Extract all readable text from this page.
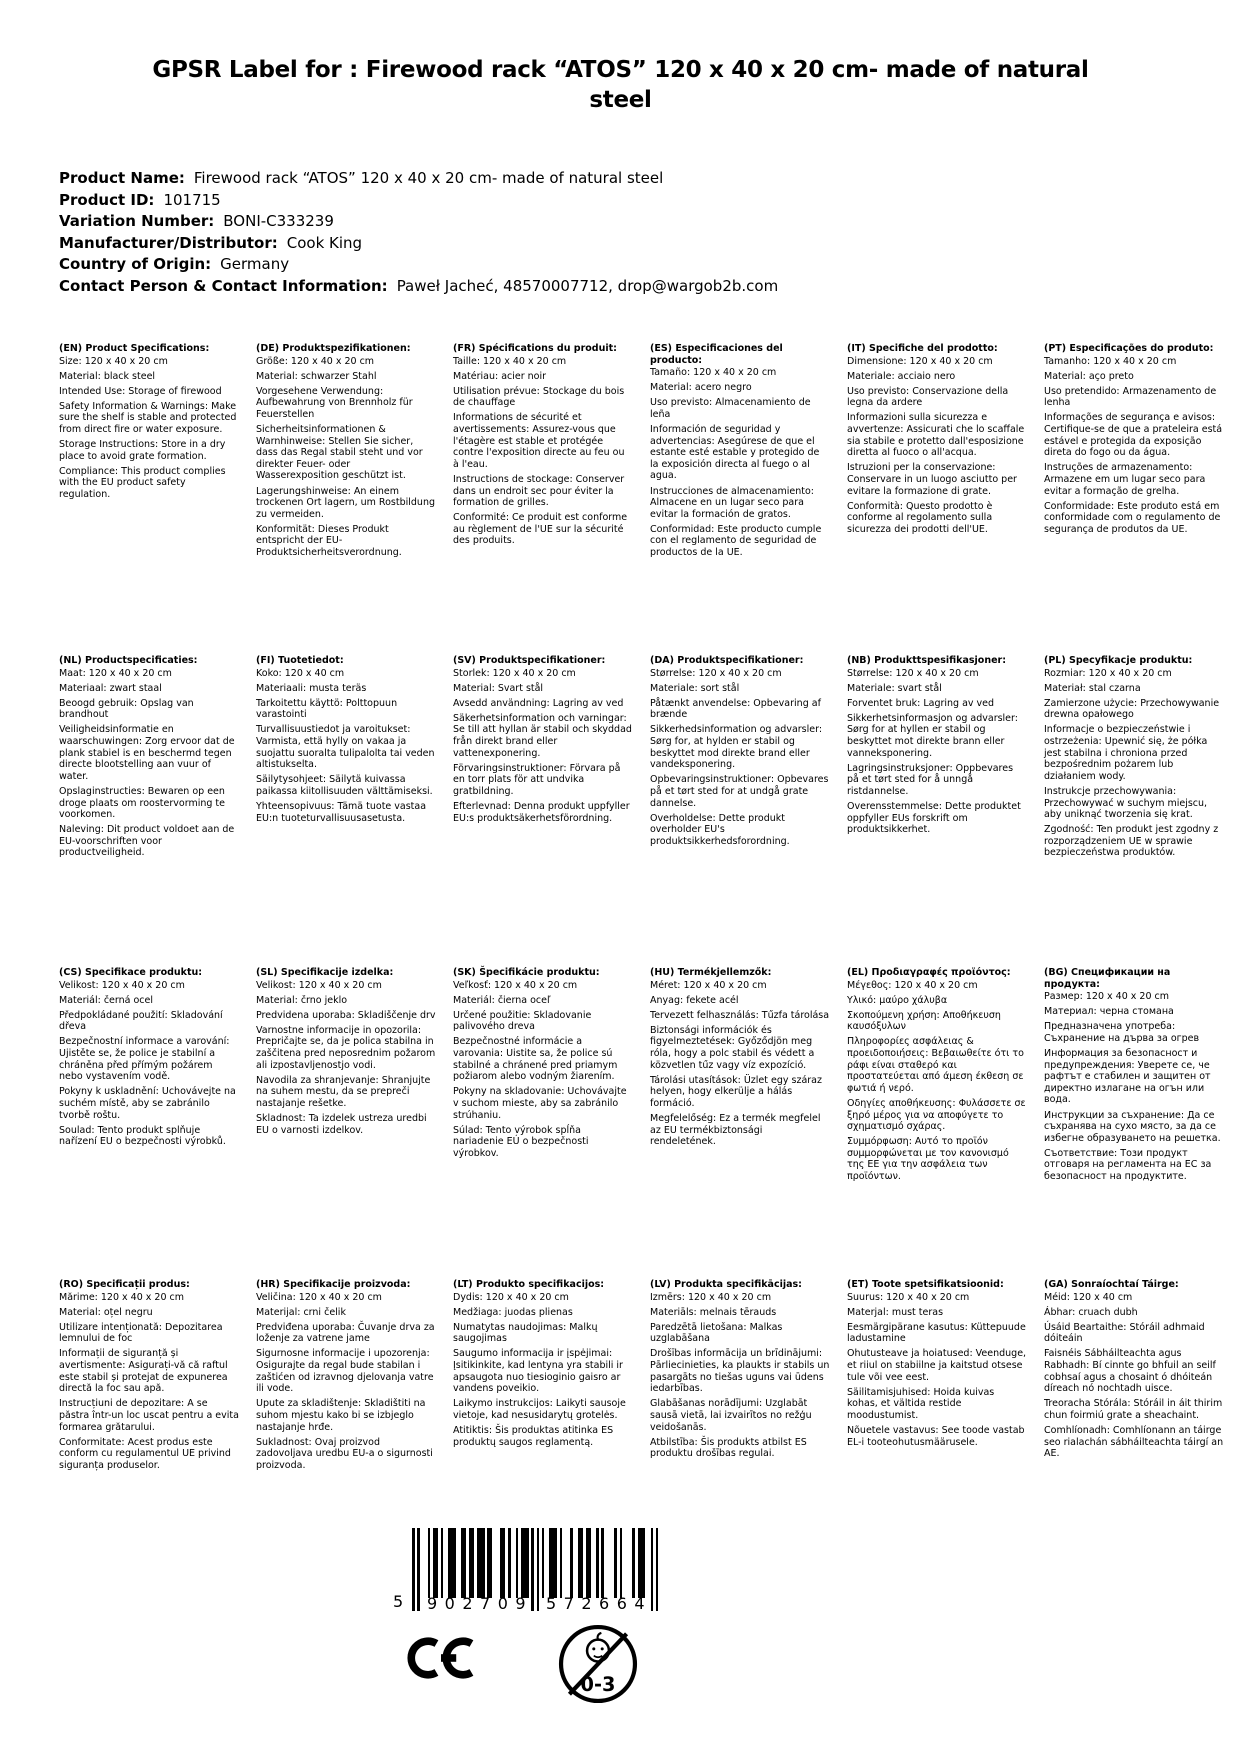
GPSR Label for : Firewood rack “ATOS” 120 x 40 x 20 cm- made of natural steel
Product Name: Firewood rack “ATOS” 120 x 40 x 20 cm- made of natural steel
Product ID: 101715
Variation Number: BONI-C333239
Manufacturer/Distributor: Cook King
Country of Origin: Germany
Contact Person & Contact Information: Paweł Jacheć, 48570007712, drop@wargob2b.com
(EN) Product Specifications:
Size: 120 x 40 x 20 cm
Material: black steel
Intended Use: Storage of firewood
Safety Information & Warnings: Make sure the shelf is stable and protected from direct fire or water exposure.
Storage Instructions: Store in a dry place to avoid grate formation.
Compliance: This product complies with the EU product safety regulation.
(DE) Produktspezifikationen:
Größe: 120 x 40 x 20 cm
Material: schwarzer Stahl
Vorgesehene Verwendung: Aufbewahrung von Brennholz für Feuerstellen
Sicherheitsinformationen & Warnhinweise: Stellen Sie sicher, dass das Regal stabil steht und vor direkter Feuer- oder Wasserexposition geschützt ist.
Lagerungshinweise: An einem trockenen Ort lagern, um Rostbildung zu vermeiden.
Konformität: Dieses Produkt entspricht der EU-Produktsicherheitsverordnung.
(FR) Spécifications du produit:
Taille: 120 x 40 x 20 cm
Matériau: acier noir
Utilisation prévue: Stockage du bois de chauffage
Informations de sécurité et avertissements: Assurez-vous que l'étagère est stable et protégée contre l'exposition directe au feu ou à l'eau.
Instructions de stockage: Conserver dans un endroit sec pour éviter la formation de grilles.
Conformité: Ce produit est conforme au règlement de l'UE sur la sécurité des produits.
(ES) Especificaciones del producto:
Tamaño: 120 x 40 x 20 cm
Material: acero negro
Uso previsto: Almacenamiento de leña
Información de seguridad y advertencias: Asegúrese de que el estante esté estable y protegido de la exposición directa al fuego o al agua.
Instrucciones de almacenamiento: Almacene en un lugar seco para evitar la formación de gratos.
Conformidad: Este producto cumple con el reglamento de seguridad de productos de la UE.
(IT) Specifiche del prodotto:
Dimensione: 120 x 40 x 20 cm
Materiale: acciaio nero
Uso previsto: Conservazione della legna da ardere
Informazioni sulla sicurezza e avvertenze: Assicurati che lo scaffale sia stabile e protetto dall'esposizione diretta al fuoco o all'acqua.
Istruzioni per la conservazione: Conservare in un luogo asciutto per evitare la formazione di grate.
Conformità: Questo prodotto è conforme al regolamento sulla sicurezza dei prodotti dell'UE.
(PT) Especificações do produto:
Tamanho: 120 x 40 x 20 cm
Material: aço preto
Uso pretendido: Armazenamento de lenha
Informações de segurança e avisos: Certifique-se de que a prateleira está estável e protegida da exposição direta do fogo ou da água.
Instruções de armazenamento: Armazene em um lugar seco para evitar a formação de grelha.
Conformidade: Este produto está em conformidade com o regulamento de segurança de produtos da UE.
(NL) Productspecificaties:
Maat: 120 x 40 x 20 cm
Materiaal: zwart staal
Beoogd gebruik: Opslag van brandhout
Veiligheidsinformatie en waarschuwingen: Zorg ervoor dat de plank stabiel is en beschermd tegen directe blootstelling aan vuur of water.
Opslaginstructies: Bewaren op een droge plaats om roostervorming te voorkomen.
Naleving: Dit product voldoet aan de EU-voorschriften voor productveiligheid.
(FI) Tuotetiedot:
Koko: 120 x 40 cm
Materiaali: musta teräs
Tarkoitettu käyttö: Polttopuun varastointi
Turvallisuustiedot ja varoitukset: Varmista, että hylly on vakaa ja suojattu suoralta tulipalolta tai veden altistukselta.
Säilytysohjeet: Säilytä kuivassa paikassa kiitollisuuden välttämiseksi.
Yhteensopivuus: Tämä tuote vastaa EU:n tuoteturvallisuusasetusta.
(SV) Produktspecifikationer:
Storlek: 120 x 40 x 20 cm
Material: Svart stål
Avsedd användning: Lagring av ved
Säkerhetsinformation och varningar: Se till att hyllan är stabil och skyddad från direkt brand eller vattenexponering.
Förvaringsinstruktioner: Förvara på en torr plats för att undvika gratbildning.
Efterlevnad: Denna produkt uppfyller EU:s produktsäkerhetsförordning.
(DA) Produktspecifikationer:
Størrelse: 120 x 40 x 20 cm
Materiale: sort stål
Påtænkt anvendelse: Opbevaring af brænde
Sikkerhedsinformation og advarsler: Sørg for, at hylden er stabil og beskyttet mod direkte brand eller vandeksponering.
Opbevaringsinstruktioner: Opbevares på et tørt sted for at undgå grate dannelse.
Overholdelse: Dette produkt overholder EU's produktsikkerhedsforordning.
(NB) Produkttspesifikasjoner:
Størrelse: 120 x 40 x 20 cm
Materiale: svart stål
Forventet bruk: Lagring av ved
Sikkerhetsinformasjon og advarsler: Sørg for at hyllen er stabil og beskyttet mot direkte brann eller vanneksponering.
Lagringsinstruksjoner: Oppbevares på et tørt sted for å unngå ristdannelse.
Overensstemmelse: Dette produktet oppfyller EUs forskrift om produktsikkerhet.
(PL) Specyfikacje produktu:
Rozmiar: 120 x 40 x 20 cm
Materiał: stal czarna
Zamierzone użycie: Przechowywanie drewna opałowego
Informacje o bezpieczeństwie i ostrzeżenia: Upewnić się, że półka jest stabilna i chroniona przed bezpośrednim pożarem lub działaniem wody.
Instrukcje przechowywania: Przechowywać w suchym miejscu, aby uniknąć tworzenia się krat.
Zgodność: Ten produkt jest zgodny z rozporządzeniem UE w sprawie bezpieczeństwa produktów.
(CS) Specifikace produktu:
Velikost: 120 x 40 x 20 cm
Materiál: černá ocel
Předpokládané použití: Skladování dřeva
Bezpečnostní informace a varování: Ujistěte se, že police je stabilní a chráněna před přímým požárem nebo vystavením vodě.
Pokyny k uskladnění: Uchovávejte na suchém místě, aby se zabránilo tvorbě roštu.
Soulad: Tento produkt splňuje nařízení EU o bezpečnosti výrobků.
(SL) Specifikacije izdelka:
Velikost: 120 x 40 x 20 cm
Material: črno jeklo
Predvidena uporaba: Skladiščenje drv
Varnostne informacije in opozorila: Prepričajte se, da je polica stabilna in zaščitena pred neposrednim požarom ali izpostavljenostjo vodi.
Navodila za shranjevanje: Shranjujte na suhem mestu, da se prepreči nastajanje rešetke.
Skladnost: Ta izdelek ustreza uredbi EU o varnosti izdelkov.
(SK) Špecifikácie produktu:
Veľkosť: 120 x 40 x 20 cm
Materiál: čierna oceľ
Určené použitie: Skladovanie palivového dreva
Bezpečnostné informácie a varovania: Uistite sa, že police sú stabilné a chránené pred priamym požiarom alebo vodným žiarením.
Pokyny na skladovanie: Uchovávajte v suchom mieste, aby sa zabránilo strúhaniu.
Súlad: Tento výrobok spĺňa nariadenie EÚ o bezpečnosti výrobkov.
(HU) Termékjellemzők:
Méret: 120 x 40 x 20 cm
Anyag: fekete acél
Tervezett felhasználás: Tűzfa tárolása
Biztonsági információk és figyelmeztetések: Győződjön meg róla, hogy a polc stabil és védett a közvetlen tűz vagy víz expozíció.
Tárolási utasítások: Üzlet egy száraz helyen, hogy elkerülje a hálás formáció.
Megfelelőség: Ez a termék megfelel az EU termékbiztonsági rendeletének.
(EL) Προδιαγραφές προϊόντος:
Μέγεθος: 120 x 40 x 20 cm
Υλικό: μαύρο χάλυβα
Σκοπούμενη χρήση: Αποθήκευση καυσόξυλων
Πληροφορίες ασφάλειας & προειδοποιήσεις: Βεβαιωθείτε ότι το ράφι είναι σταθερό και προστατεύεται από άμεση έκθεση σε φωτιά ή νερό.
Οδηγίες αποθήκευσης: Φυλάσσετε σε ξηρό μέρος για να αποφύγετε το σχηματισμό σχάρας.
Συμμόρφωση: Αυτό το προϊόν συμμορφώνεται με τον κανονισμό της ΕΕ για την ασφάλεια των προϊόντων.
(BG) Спецификации на продукта:
Размер: 120 x 40 x 20 cm
Материал: черна стомана
Предназначена употреба: Съхранение на дърва за огрев
Информация за безопасност и предупреждения: Уверете се, че рафтът е стабилен и защитен от директно излагане на огън или вода.
Инструкции за съхранение: Да се съхранява на сухо място, за да се избегне образуването на решетка.
Съответствие: Този продукт отговаря на регламента на ЕС за безопасност на продуктите.
(RO) Specificații produs:
Mărime: 120 x 40 x 20 cm
Material: oțel negru
Utilizare intenționată: Depozitarea lemnului de foc
Informații de siguranță și avertismente: Asigurați-vă că raftul este stabil și protejat de expunerea directă la foc sau apă.
Instrucțiuni de depozitare: A se păstra într-un loc uscat pentru a evita formarea grătarului.
Conformitate: Acest produs este conform cu regulamentul UE privind siguranța produselor.
(HR) Specifikacije proizvoda:
Veličina: 120 x 40 x 20 cm
Materijal: crni čelik
Predviđena uporaba: Čuvanje drva za loženje za vatrene jame
Sigurnosne informacije i upozorenja: Osigurajte da regal bude stabilan i zaštićen od izravnog djelovanja vatre ili vode.
Upute za skladištenje: Skladištiti na suhom mjestu kako bi se izbjeglo nastajanje hrđe.
Sukladnost: Ovaj proizvod zadovoljava uredbu EU-a o sigurnosti proizvoda.
(LT) Produkto specifikacijos:
Dydis: 120 x 40 x 20 cm
Medžiaga: juodas plienas
Numatytas naudojimas: Malkų saugojimas
Saugumo informacija ir įspėjimai: Įsitikinkite, kad lentyna yra stabili ir apsaugota nuo tiesioginio gaisro ar vandens poveikio.
Laikymo instrukcijos: Laikyti sausoje vietoje, kad nesusidarytų grotelės.
Atitiktis: Šis produktas atitinka ES produktų saugos reglamentą.
(LV) Produkta specifikācijas:
Izmērs: 120 x 40 x 20 cm
Materiāls: melnais tērauds
Paredzētā lietošana: Malkas uzglabāšana
Drošības informācija un brīdinājumi: Pārliecinieties, ka plaukts ir stabils un pasargāts no tiešas uguns vai ūdens iedarbības.
Glabāšanas norādījumi: Uzglabāt sausā vietā, lai izvairītos no režģu veidošanās.
Atbilstība: Šis produkts atbilst ES produktu drošības regulai.
(ET) Toote spetsifikatsioonid:
Suurus: 120 x 40 x 20 cm
Materjal: must teras
Eesmärgipärane kasutus: Küttepuude ladustamine
Ohutusteave ja hoiatused: Veenduge, et riiul on stabiilne ja kaitstud otsese tule või vee eest.
Säilitamisjuhised: Hoida kuivas kohas, et vältida restide moodustumist.
Nõuetele vastavus: See toode vastab EL-i tooteohutusmäärusele.
(GA) Sonraíochtaí Táirge:
Méid: 120 x 40 cm
Ábhar: cruach dubh
Úsáid Beartaithe: Stóráil adhmaid dóiteáin
Faisnéis Sábháilteachta agus Rabhadh: Bí cinnte go bhfuil an seilf cobhsaí agus a chosaint ó dhóiteán díreach nó nochtadh uisce.
Treoracha Stórála: Stóráil in áit thirim chun foirmiú grate a sheachaint.
Comhlíonadh: Comhlíonann an táirge seo rialachán sábháilteachta táirgí an AE.
5 902709 572664
0-3
